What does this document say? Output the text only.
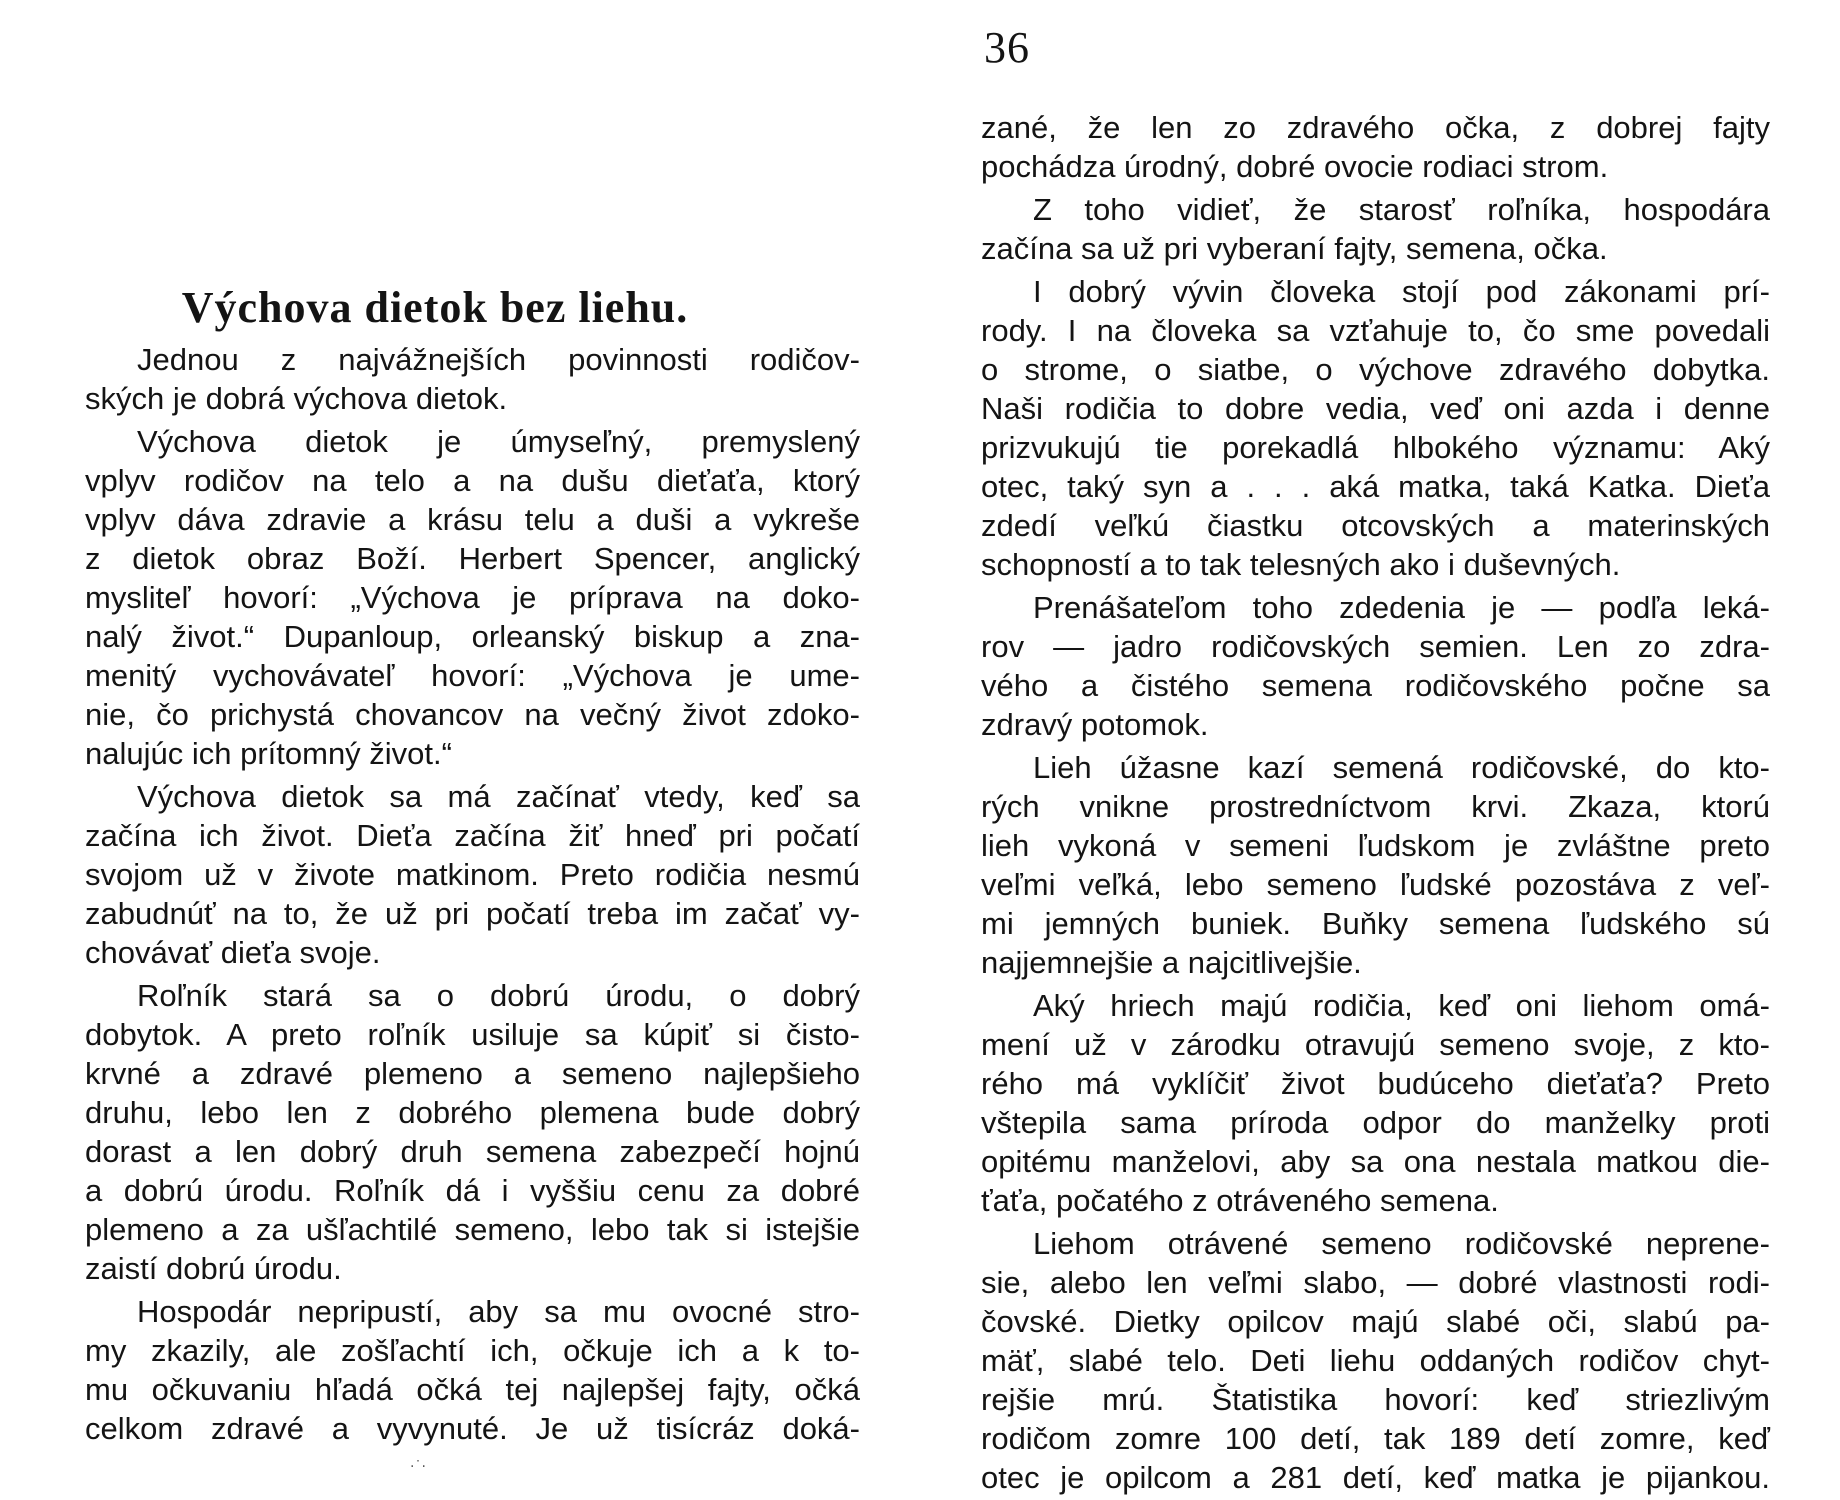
Výchova dietok bez liehu.
Jednou z najvážnejších povinnosti rodičov-
ských je dobrá výchova dietok.
Výchova dietok je úmyseľný, premyslený
vplyv rodičov na telo a na dušu dieťaťa, ktorý
vplyv dáva zdravie a krásu telu a duši a vykreše
z dietok obraz Boží. Herbert Spencer, anglický
mysliteľ hovorí: „Výchova je príprava na doko-
nalý život.“ Dupanloup, orleanský biskup a zna-
menitý vychovávateľ hovorí: „Výchova je ume-
nie, čo prichystá chovancov na večný život zdoko-
nalujúc ich prítomný život.“
Výchova dietok sa má začínať vtedy, keď sa
začína ich život. Dieťa začína žiť hneď pri počatí
svojom už v živote matkinom. Preto rodičia nesmú
zabudnúť na to, že už pri počatí treba im začať vy-
chovávať dieťa svoje.
Roľník stará sa o dobrú úrodu, o dobrý
dobytok. A preto roľník usiluje sa kúpiť si čisto-
krvné a zdravé plemeno a semeno najlepšieho
druhu, lebo len z dobrého plemena bude dobrý
dorast a len dobrý druh semena zabezpečí hojnú
a dobrú úrodu. Roľník dá i vyššiu cenu za dobré
plemeno a za ušľachtilé semeno, lebo tak si istejšie
zaistí dobrú úrodu.
Hospodár nepripustí, aby sa mu ovocné stro-
my zkazily, ale zošľachtí ich, očkuje ich a k to-
mu očkuvaniu hľadá očká tej najlepšej fajty, očká
celkom zdravé a vyvynuté. Je už tisícráz doká-
·˙·
36
zané, že len zo zdravého očka, z dobrej fajty
pochádza úrodný, dobré ovocie rodiaci strom.
Z toho vidieť, že starosť roľníka, hospodára
začína sa už pri vyberaní fajty, semena, očka.
I dobrý vývin človeka stojí pod zákonami prí-
rody. I na človeka sa vzťahuje to, čo sme povedali
o strome, o siatbe, o výchove zdravého dobytka.
Naši rodičia to dobre vedia, veď oni azda i denne
prizvukujú tie porekadlá hlbokého významu: Aký
otec, taký syn a . . . aká matka, taká Katka. Dieťa
zdedí veľkú čiastku otcovských a materinských
schopností a to tak telesných ako i duševných.
Prenášateľom toho zdedenia je — podľa leká-
rov — jadro rodičovských semien. Len zo zdra-
vého a čistého semena rodičovského počne sa
zdravý potomok.
Lieh úžasne kazí semená rodičovské, do kto-
rých vnikne prostredníctvom krvi. Zkaza, ktorú
lieh vykoná v semeni ľudskom je zvláštne preto
veľmi veľká, lebo semeno ľudské pozostáva z veľ-
mi jemných buniek. Buňky semena ľudského sú
najjemnejšie a najcitlivejšie.
Aký hriech majú rodičia, keď oni liehom omá-
mení už v zárodku otravujú semeno svoje, z kto-
rého má vyklíčiť život budúceho dieťaťa? Preto
vštepila sama príroda odpor do manželky proti
opitému manželovi, aby sa ona nestala matkou die-
ťaťa, počatého z otráveného semena.
Liehom otrávené semeno rodičovské neprene-
sie, alebo len veľmi slabo, — dobré vlastnosti rodi-
čovské. Dietky opilcov majú slabé oči, slabú pa-
mäť, slabé telo. Deti liehu oddaných rodičov chyt-
rejšie mrú. Štatistika hovorí: keď striezlivým
rodičom zomre 100 detí, tak 189 detí zomre, keď
otec je opilcom a 281 detí, keď matka je pijankou.
